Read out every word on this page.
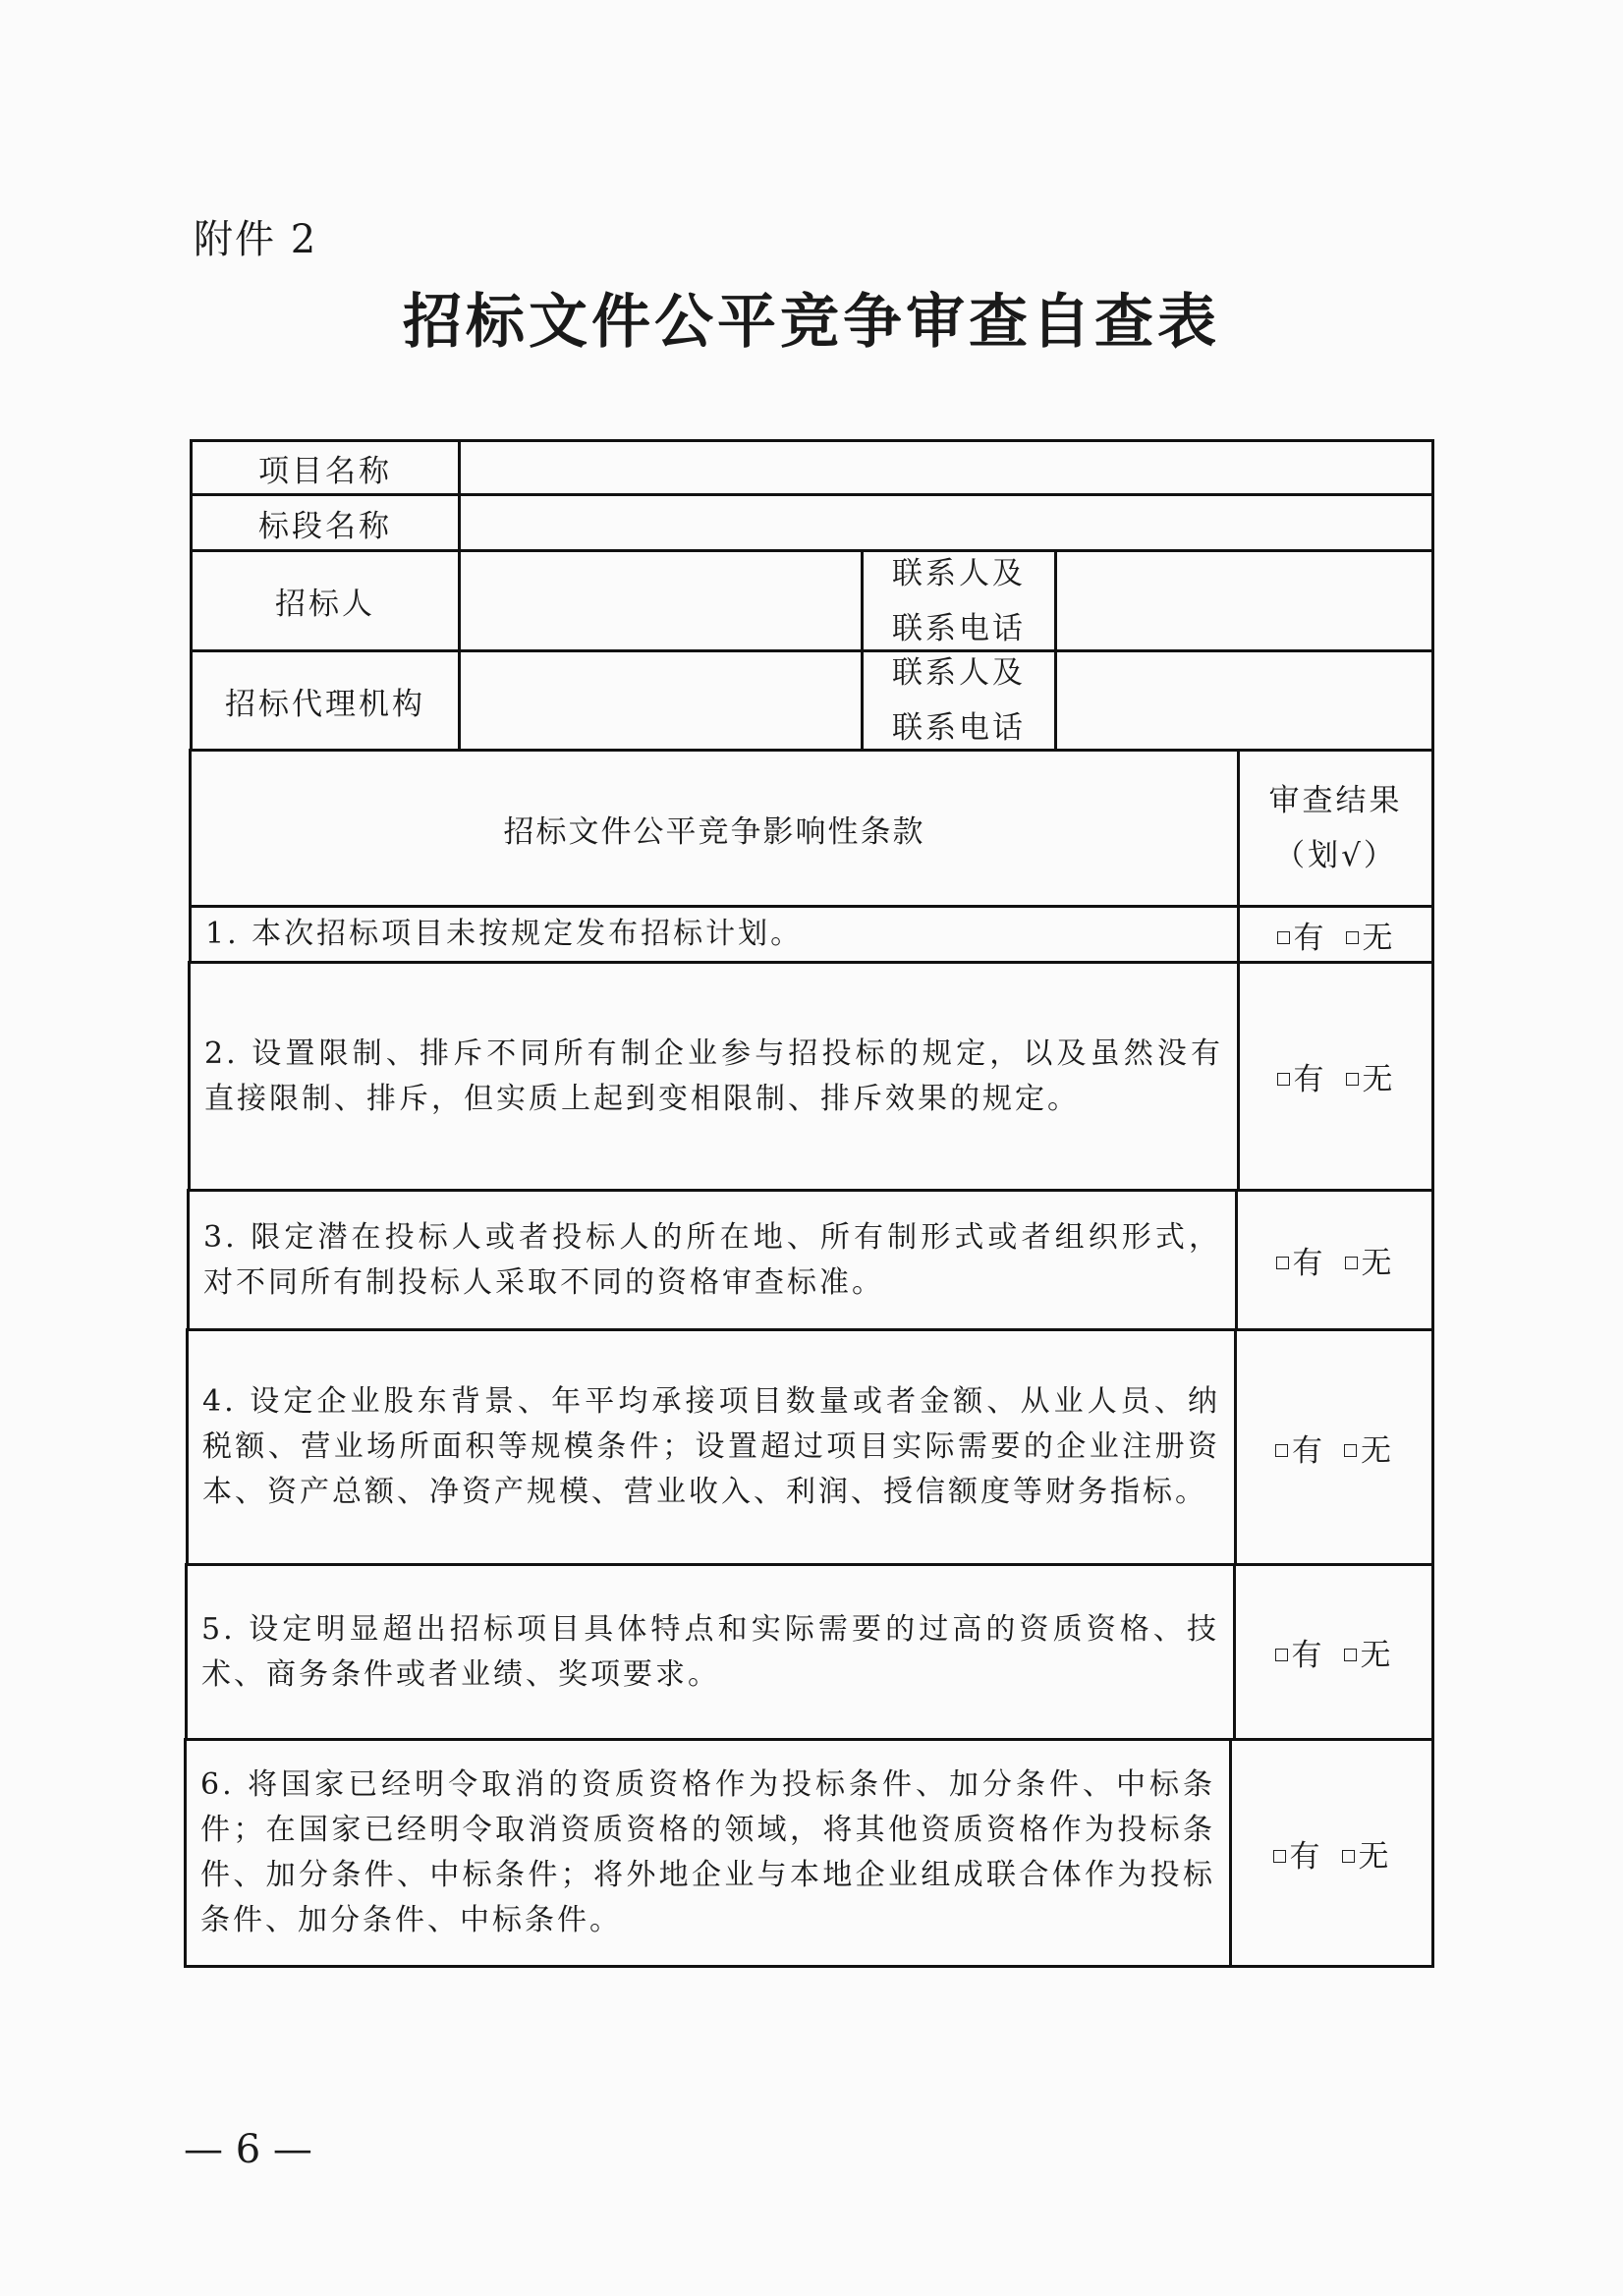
附件 2
招标文件公平竞争审查自查表
项目名称
标段名称
招标人
联系人及
联系电话
招标代理机构
联系人及
联系电话
招标文件公平竞争影响性条款
审查结果
（划√）
1. 本次招标项目未按规定发布招标计划。	有 无
2. 设置限制、排斥不同所有制企业参与招投标的规定，以及虽然没有直接限制、排斥，但实质上起到变相限制、排斥效果的规定。
有 无
3. 限定潜在投标人或者投标人的所在地、所有制形式或者组织形式，对不同所有制投标人采取不同的资格审查标准。
有 无
4. 设定企业股东背景、年平均承接项目数量或者金额、从业人员、纳税额、营业场所面积等规模条件；设置超过项目实际需要的企业注册资本、资产总额、净资产规模、营业收入、利润、授信额度等财务指标。
有 无
5. 设定明显超出招标项目具体特点和实际需要的过高的资质资格、技术、商务条件或者业绩、奖项要求。
有 无
6. 将国家已经明令取消的资质资格作为投标条件、加分条件、中标条件；在国家已经明令取消资质资格的领域，将其他资质资格作为投标条件、加分条件、中标条件；将外地企业与本地企业组成联合体作为投标条件、加分条件、中标条件。
有 无
— 6 —
